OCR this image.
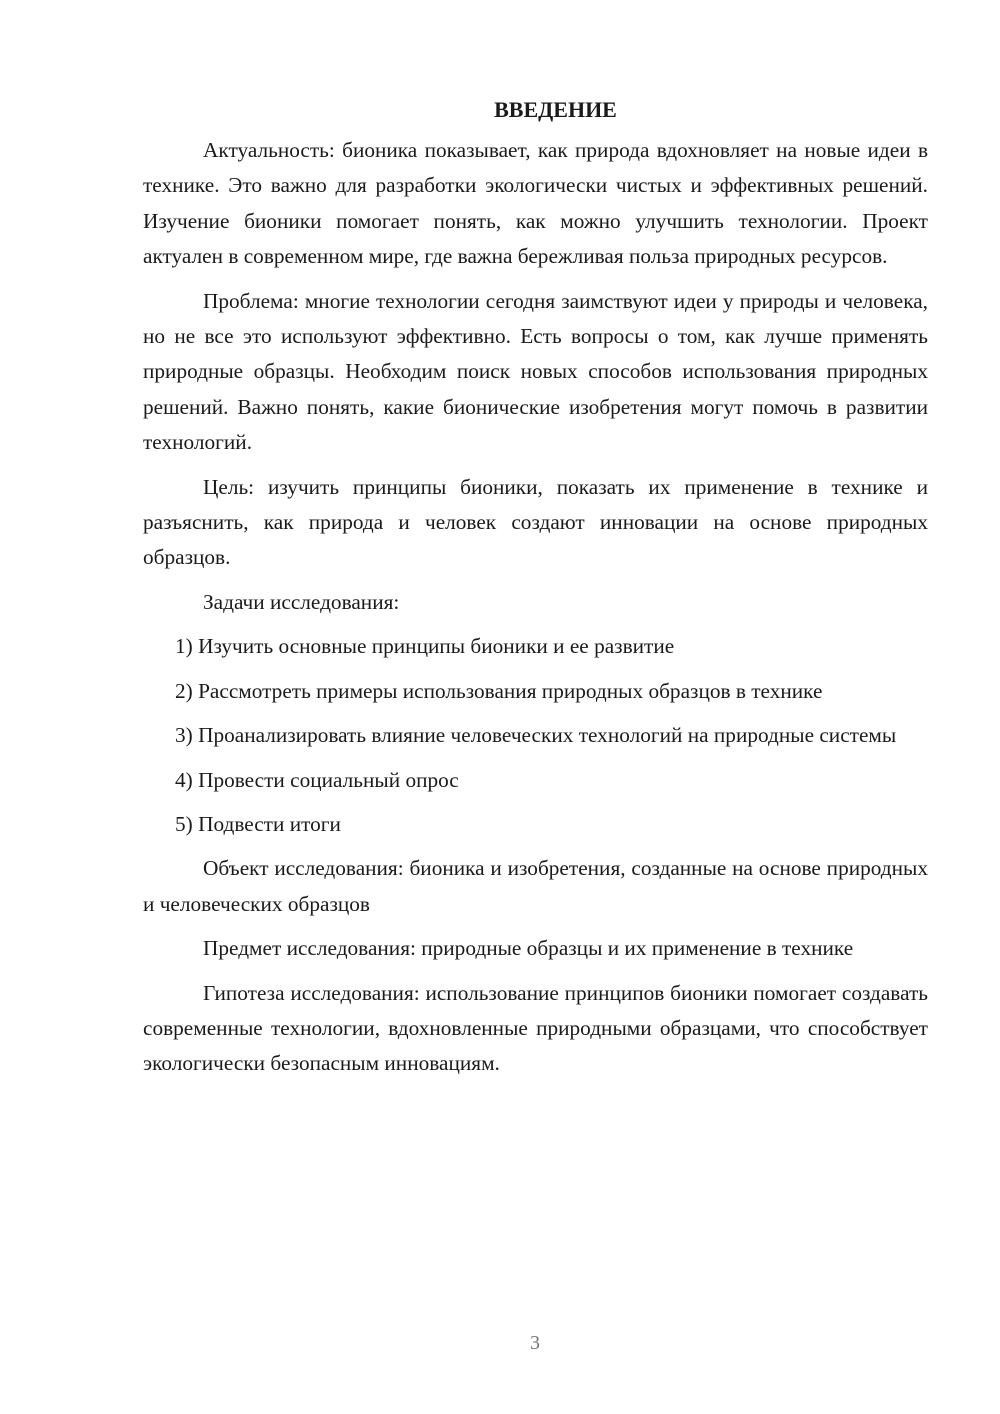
ВВЕДЕНИЕ

Актуальность: бионика показывает, как природа вдохновляет на новые идеи в технике. Это важно для разработки экологически чистых и эффективных решений. Изучение бионики помогает понять, как можно улучшить технологии. Проект актуален в современном мире, где важна бережливая польза природных ресурсов.

Проблема: многие технологии сегодня заимствуют идеи у природы и человека, но не все это используют эффективно. Есть вопросы о том, как лучше применять природные образцы. Необходим поиск новых способов использования природных решений. Важно понять, какие бионические изобретения могут помочь в развитии технологий.

Цель: изучить принципы бионики, показать их применение в технике и разъяснить, как природа и человек создают инновации на основе природных образцов.

Задачи исследования:

1) Изучить основные принципы бионики и ее развитие

2) Рассмотреть примеры использования природных образцов в технике

3) Проанализировать влияние человеческих технологий на природные системы

4) Провести социальный опрос

5) Подвести итоги

Объект исследования: бионика и изобретения, созданные на основе природных и человеческих образцов

Предмет исследования: природные образцы и их применение в технике

Гипотеза исследования: использование принципов бионики помогает создавать современные технологии, вдохновленные природными образцами, что способствует экологически безопасным инновациям.

3
